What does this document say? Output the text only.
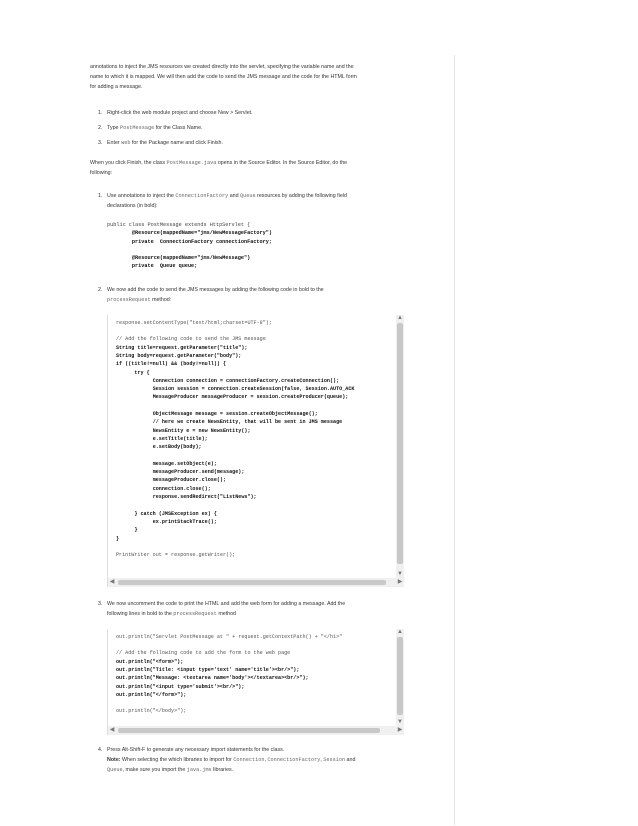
annotations to inject the JMS resources we created directly into the servlet, specifying the variable name and the

name to which it is mapped. We will then add the code to send the JMS message and the code for the HTML form

for adding a message.

1. Right-click the web module project and choose New > Servlet.
2. Type PostMessage for the Class Name.
3. Enter web for the Package name and click Finish.

When you click Finish, the class PostMessage.java opens in the Source Editor. In the Source Editor, do the
following:

1. Use annotations to inject the ConnectionFactory and Queue resources by adding the following field
declarations (in bold):
public class PostMessage extends HttpServlet {
@Resource(mappedName="jms/NewMessageFactory")
private  ConnectionFactory connectionFactory;

@Resource(mappedName="jms/NewMessage")
private  Queue queue;
2. We now add the code to send the JMS messages by adding the following code in bold to the
processRequest method:
response.setContentType("text/html;charset=UTF-8");

// Add the following code to send the JMS message
String title=request.getParameter("title");
String body=request.getParameter("body");
if ((title!=null) && (body!=null)) {
try {
Connection connection = connectionFactory.createConnection();
Session session = connection.createSession(false, Session.AUTO_ACK
MessageProducer messageProducer = session.createProducer(queue);

ObjectMessage message = session.createObjectMessage();
// here we create NewsEntity, that will be sent in JMS message
NewsEntity e = new NewsEntity();
e.setTitle(title);
e.setBody(body);

message.setObject(e);
messageProducer.send(message);
messageProducer.close();
connection.close();
response.sendRedirect("ListNews");

} catch (JMSException ex) {
ex.printStackTrace();
}
}

PrintWriter out = response.getWriter();
▲
▼
◀	▶
3. We now uncomment the code to print the HTML and add the web form for adding a message. Add the
following lines in bold to the processRequest method
out.println("Servlet PostMessage at " + request.getContextPath() + "</h1>"

// Add the following code to add the form to the web page
out.println("<form>");
out.println("Title: <input type='text' name='title'><br/>");
out.println("Message: <textarea name='body'></textarea><br/>");
out.println("<input type='submit'><br/>");
out.println("</form>");

out.println("</body>");
▲
▼
◀	▶
4. Press Alt-Shift-F to generate any necessary import statements for the class.
Note: When selecting the which libraries to import for Connection, ConnectionFactory, Session and
Queue, make sure you import the java.jms libraries.
